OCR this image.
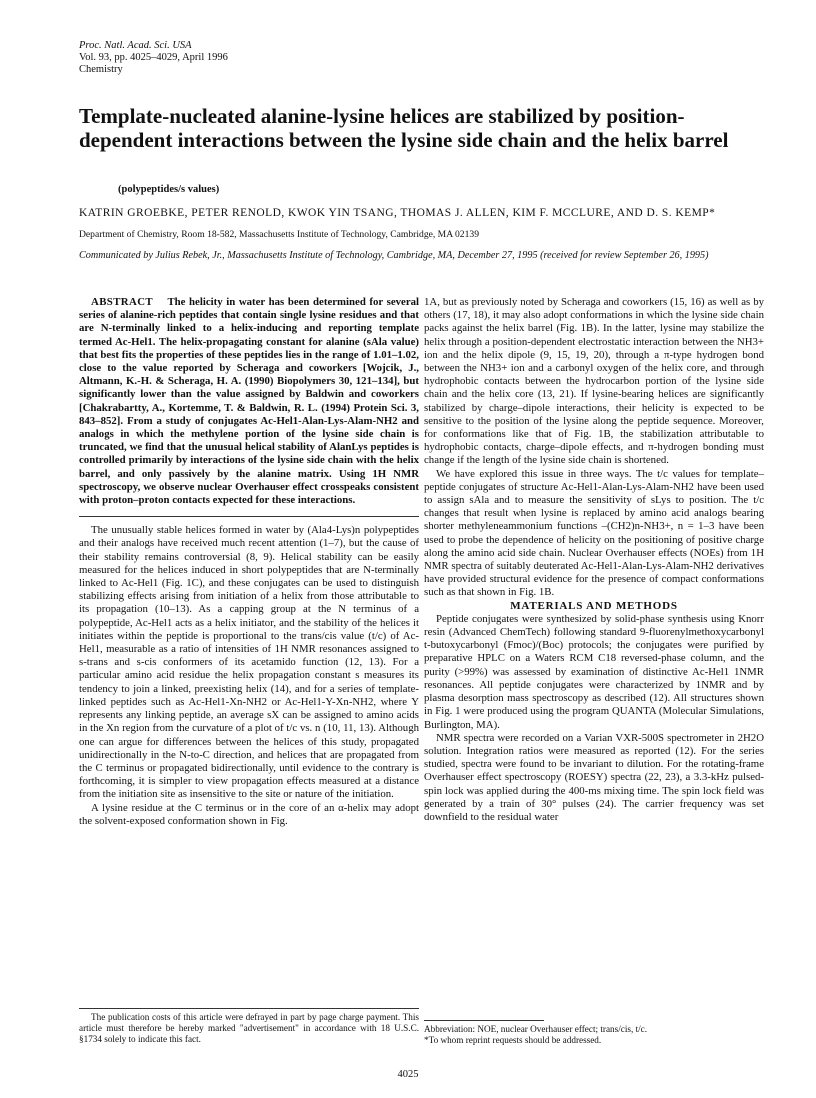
Proc. Natl. Acad. Sci. USA
Vol. 93, pp. 4025–4029, April 1996
Chemistry
Template-nucleated alanine-lysine helices are stabilized by position-dependent interactions between the lysine side chain and the helix barrel
(polypeptides/s values)
KATRIN GROEBKE, PETER RENOLD, KWOK YIN TSANG, THOMAS J. ALLEN, KIM F. MCCLURE, AND D. S. KEMP*
Department of Chemistry, Room 18-582, Massachusetts Institute of Technology, Cambridge, MA 02139
Communicated by Julius Rebek, Jr., Massachusetts Institute of Technology, Cambridge, MA, December 27, 1995 (received for review September 26, 1995)

ABSTRACT The helicity in water has been determined for several series of alanine-rich peptides that contain single lysine residues and that are N-terminally linked to a helix-inducing and reporting template termed Ac-Hel1. The helix-propagating constant for alanine (sAla value) that best fits the properties of these peptides lies in the range of 1.01–1.02, close to the value reported by Scheraga and coworkers [Wojcik, J., Altmann, K.-H. & Scheraga, H. A. (1990) Biopolymers 30, 121–134], but significantly lower than the value assigned by Baldwin and coworkers [Chakrabartty, A., Kortemme, T. & Baldwin, R. L. (1994) Protein Sci. 3, 843–852]. From a study of conjugates Ac-Hel1-Alan-Lys-Alam-NH2 and analogs in which the methylene portion of the lysine side chain is truncated, we find that the unusual helical stability of AlanLys peptides is controlled primarily by interactions of the lysine side chain with the helix barrel, and only passively by the alanine matrix. Using 1H NMR spectroscopy, we observe nuclear Overhauser effect crosspeaks consistent with proton–proton contacts expected for these interactions.

The unusually stable helices formed in water by (Ala4-Lys)n polypeptides and their analogs have received much recent attention (1–7), but the cause of their stability remains controversial (8, 9). Helical stability can be easily measured for the helices induced in short polypeptides that are N-terminally linked to Ac-Hel1 (Fig. 1C), and these conjugates can be used to distinguish stabilizing effects arising from initiation of a helix from those attributable to its propagation (10–13). As a capping group at the N terminus of a polypeptide, Ac-Hel1 acts as a helix initiator, and the stability of the helices it initiates within the peptide is proportional to the trans/cis value (t/c) of Ac-Hel1, measurable as a ratio of intensities of 1H NMR resonances assigned to s-trans and s-cis conformers of its acetamido function (12, 13). For a particular amino acid residue the helix propagation constant s measures its tendency to join a linked, preexisting helix (14), and for a series of template-linked peptides such as Ac-Hel1-Xn-NH2 or Ac-Hel1-Y-Xn-NH2, where Y represents any linking peptide, an average sX can be assigned to amino acids in the Xn region from the curvature of a plot of t/c vs. n (10, 11, 13). Although one can argue for differences between the helices of this study, propagated unidirectionally in the N-to-C direction, and helices that are propagated from the C terminus or propagated bidirectionally, until evidence to the contrary is forthcoming, it is simpler to view propagation effects measured at a distance from the initiation site as insensitive to the site or nature of the initiation.

A lysine residue at the C terminus or in the core of an α-helix may adopt the solvent-exposed conformation shown in Fig.

1A, but as previously noted by Scheraga and coworkers (15, 16) as well as by others (17, 18), it may also adopt conformations in which the lysine side chain packs against the helix barrel (Fig. 1B). In the latter, lysine may stabilize the helix through a position-dependent electrostatic interaction between the NH3+ ion and the helix dipole (9, 15, 19, 20), through a π-type hydrogen bond between the NH3+ ion and a carbonyl oxygen of the helix core, and through hydrophobic contacts between the hydrocarbon portion of the lysine side chain and the helix core (13, 21). If lysine-bearing helices are significantly stabilized by charge–dipole interactions, their helicity is expected to be sensitive to the position of the lysine along the peptide sequence. Moreover, for conformations like that of Fig. 1B, the stabilization attributable to hydrophobic contacts, charge–dipole effects, and π-hydrogen bonding must change if the length of the lysine side chain is shortened.

We have explored this issue in three ways. The t/c values for template–peptide conjugates of structure Ac-Hel1-Alan-Lys-Alam-NH2 have been used to assign sAla and to measure the sensitivity of sLys to position. The t/c changes that result when lysine is replaced by amino acid analogs bearing shorter methyleneammonium functions –(CH2)n-NH3+, n = 1–3 have been used to probe the dependence of helicity on the positioning of positive charge along the amino acid side chain. Nuclear Overhauser effects (NOEs) from 1H NMR spectra of suitably deuterated Ac-Hel1-Alan-Lys-Alam-NH2 derivatives have provided structural evidence for the presence of compact conformations such as that shown in Fig. 1B.

MATERIALS AND METHODS

Peptide conjugates were synthesized by solid-phase synthesis using Knorr resin (Advanced ChemTech) following standard 9-fluorenylmethoxycarbonyl t-butoxycarbonyl (Fmoc)/(Boc) protocols; the conjugates were purified by preparative HPLC on a Waters RCM C18 reversed-phase column, and the purity (>99%) was assessed by examination of distinctive Ac-Hel1 1NMR resonances. All peptide conjugates were characterized by 1NMR and by plasma desorption mass spectroscopy as described (12). All structures shown in Fig. 1 were produced using the program QUANTA (Molecular Simulations, Burlington, MA).

NMR spectra were recorded on a Varian VXR-500S spectrometer in 2H2O solution. Integration ratios were measured as reported (12). For the series studied, spectra were found to be invariant to dilution. For the rotating-frame Overhauser effect spectroscopy (ROESY) spectra (22, 23), a 3.3-kHz pulsed-spin lock was applied during the 400-ms mixing time. The spin lock field was generated by a train of 30° pulses (24). The carrier frequency was set downfield to the residual water

The publication costs of this article were defrayed in part by page charge payment. This article must therefore be hereby marked "advertisement" in accordance with 18 U.S.C. §1734 solely to indicate this fact.
Abbreviation: NOE, nuclear Overhauser effect; trans/cis, t/c.
*To whom reprint requests should be addressed.
4025
